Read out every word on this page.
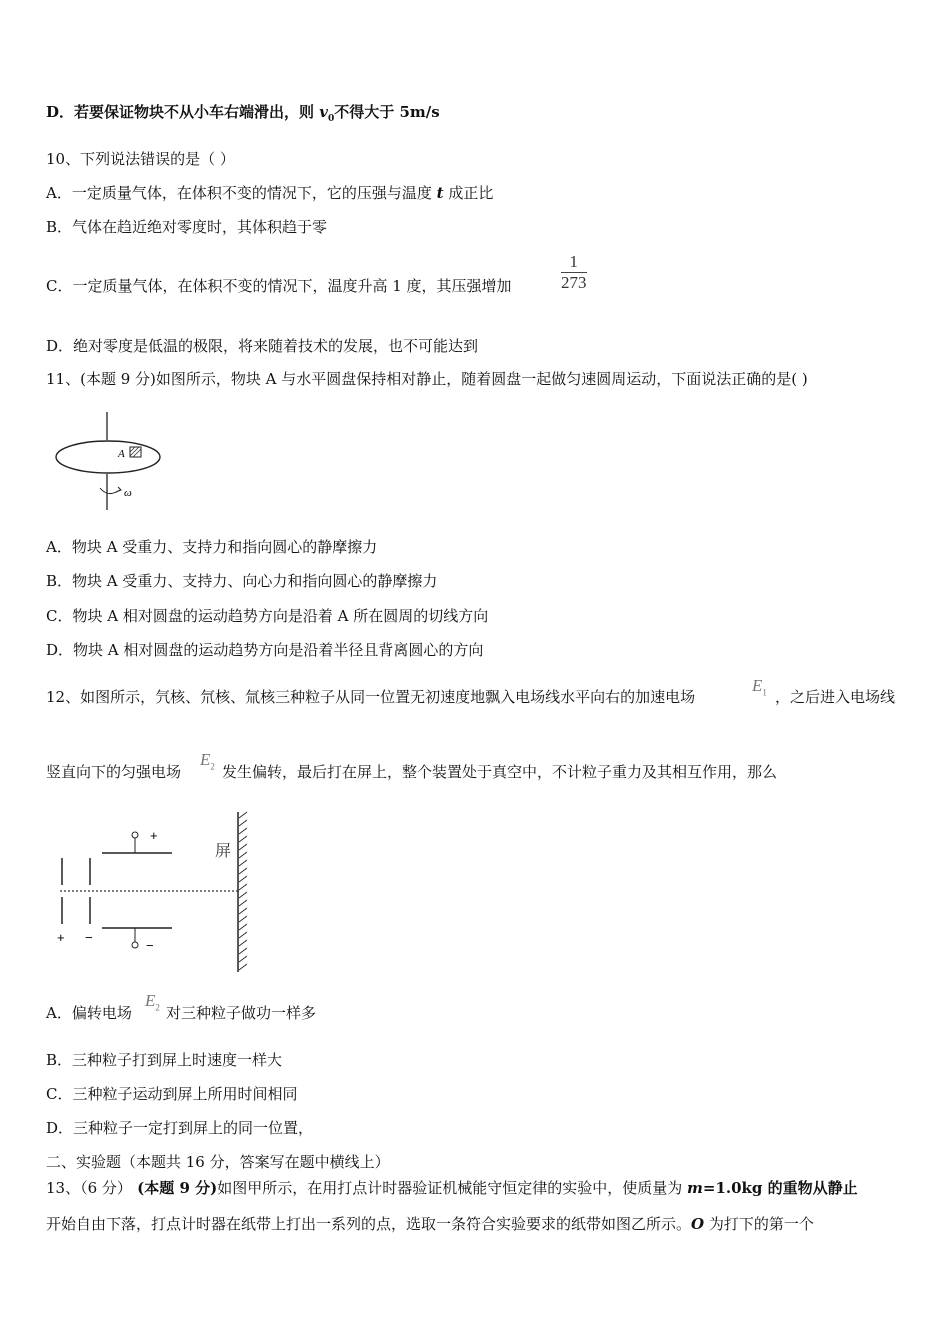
D．若要保证物块不从小车右端滑出，则 $v_0$不得大于 5m/s
10、下列说法错误的是（ ）
A．一定质量气体，在体积不变的情况下，它的压强与温度 t 成正比
B．气体在趋近绝对零度时，其体积趋于零
C．一定质量气体，在体积不变的情况下，温度升高 1 度，其压强增加	$\frac{1}{273}$
D．绝对零度是低温的极限，将来随着技术的发展，也不可能达到
11、(本题 9 分)如图所示，物块 A 与水平圆盘保持相对静止，随着圆盘一起做匀速圆周运动，下面说法正确的是( )
A
ω
A．物块 A 受重力、支持力和指向圆心的静摩擦力
B．物块 A 受重力、支持力、向心力和指向圆心的静摩擦力
C．物块 A 相对圆盘的运动趋势方向是沿着 A 所在圆周的切线方向
D．物块 A 相对圆盘的运动趋势方向是沿着半径且背离圆心的方向
12、如图所示，氕核、氘核、氚核三种粒子从同一位置无初速度地飘入电场线水平向右的加速电场
$E_1$ ，之后进入电场线
竖直向下的匀强电场
$E_2$ 发生偏转，最后打在屏上，整个装置处于真空中，不计粒子重力及其相互作用，那么
+ −
+
−
屏
A．偏转电场
$E_2$ 对三种粒子做功一样多
B．三种粒子打到屏上时速度一样大
C．三种粒子运动到屏上所用时间相同
D．三种粒子一定打到屏上的同一位置，
二、实验题（本题共 16 分，答案写在题中横线上）
13、（6 分） (本题 9 分)如图甲所示，在用打点计时器验证机械能守恒定律的实验中，使质量为 m=1.0kg 的重物从静止
开始自由下落，打点计时器在纸带上打出一系列的点，选取一条符合实验要求的纸带如图乙所示。O 为打下的第一个
